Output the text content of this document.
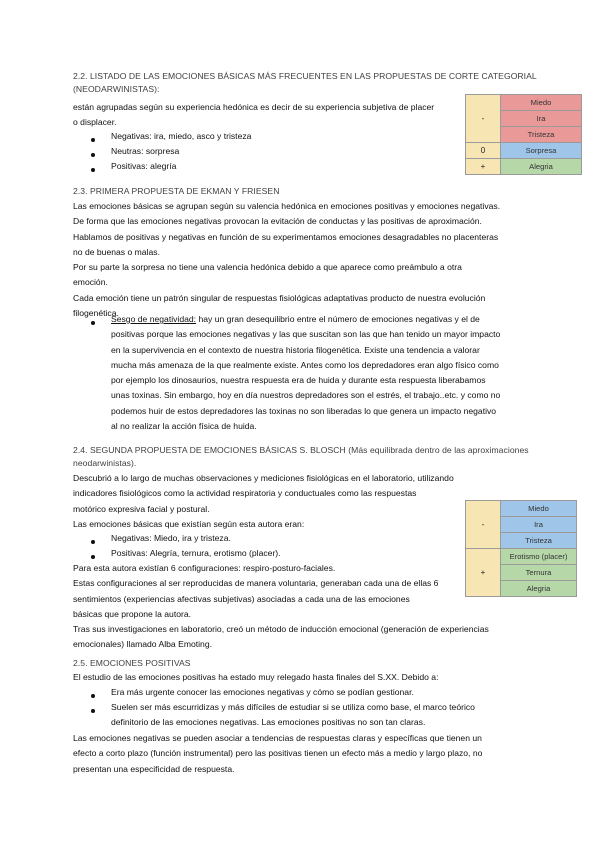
2.2. LISTADO DE LAS EMOCIONES BÁSICAS MÁS FRECUENTES EN LAS PROPUESTAS DE CORTE CATEGORIAL
(NEODARWINISTAS):
están agrupadas según su experiencia hedónica es decir de su experiencia subjetiva de placer
o displacer.
Negativas: ira, miedo, asco y tristeza
Neutras: sorpresa
Positivas: alegría
-	Miedo
	Ira
	Tristeza
0	Sorpresa
+	Alegria
2.3. PRIMERA PROPUESTA DE EKMAN Y FRIESEN
Las emociones básicas se agrupan según su valencia hedónica en emociones positivas y emociones negativas.
De forma que las emociones negativas provocan la evitación de conductas y las positivas de aproximación.
Hablamos de positivas y negativas en función de su experimentamos emociones desagradables no placenteras
no de buenas o malas.
Por su parte la sorpresa no tiene una valencia hedónica debido a que aparece como preámbulo a otra
emoción.
Cada emoción tiene un patrón singular de respuestas fisiológicas adaptativas producto de nuestra evolución
filogenética.
Sesgo de negatividad: hay un gran desequilibrio entre el número de emociones negativas y el de
positivas porque las emociones negativas y las que suscitan son las que han tenido un mayor impacto
en la supervivencia en el contexto de nuestra historia filogenética. Existe una tendencia a valorar
mucha más amenaza de la que realmente existe. Antes como los depredadores eran algo físico como
por ejemplo los dinosaurios, nuestra respuesta era de huida y durante esta respuesta liberabamos
unas toxinas. Sin embargo, hoy en día nuestros depredadores son el estrés, el trabajo..etc. y como no
podemos huir de estos depredadores las toxinas no son liberadas lo que genera un impacto negativo
al no realizar la acción física de huida.
2.4. SEGUNDA PROPUESTA DE EMOCIONES BÁSICAS S. BLOSCH (Más equilibrada dentro de las aproximaciones
neodarwinistas).
Descubrió a lo largo de muchas observaciones y mediciones fisiológicas en el laboratorio, utilizando
indicadores fisiológicos como la actividad respiratoria y conductuales como las respuestas
motórico expresiva facial y postural.
Las emociones básicas que existían según esta autora eran:
Negativas: Miedo, ira y tristeza.
Positivas: Alegría, ternura, erotismo (placer).
Para esta autora existían 6 configuraciones: respiro-posturo-faciales.
Estas configuraciones al ser reproducidas de manera voluntaria, generaban cada una de ellas 6
sentimientos (experiencias afectivas subjetivas) asociadas a cada una de las emociones
básicas que propone la autora.
Tras sus investigaciones en laboratorio, creó un método de inducción emocional (generación de experiencias
emocionales) llamado Alba Emoting.
-	Miedo
	Ira
	Tristeza
+	Erotismo (placer)
	Ternura
	Alegria
2.5. EMOCIONES POSITIVAS
El estudio de las emociones positivas ha estado muy relegado hasta finales del S.XX. Debido a:
Era más urgente conocer las emociones negativas y cómo se podían gestionar.
Suelen ser más escurridizas y más difíciles de estudiar si se utiliza como base, el marco teórico
definitorio de las emociones negativas. Las emociones positivas no son tan claras.
Las emociones negativas se pueden asociar a tendencias de respuestas claras y específicas que tienen un
efecto a corto plazo (función instrumental) pero las positivas tienen un efecto más a medio y largo plazo, no
presentan una especificidad de respuesta.
